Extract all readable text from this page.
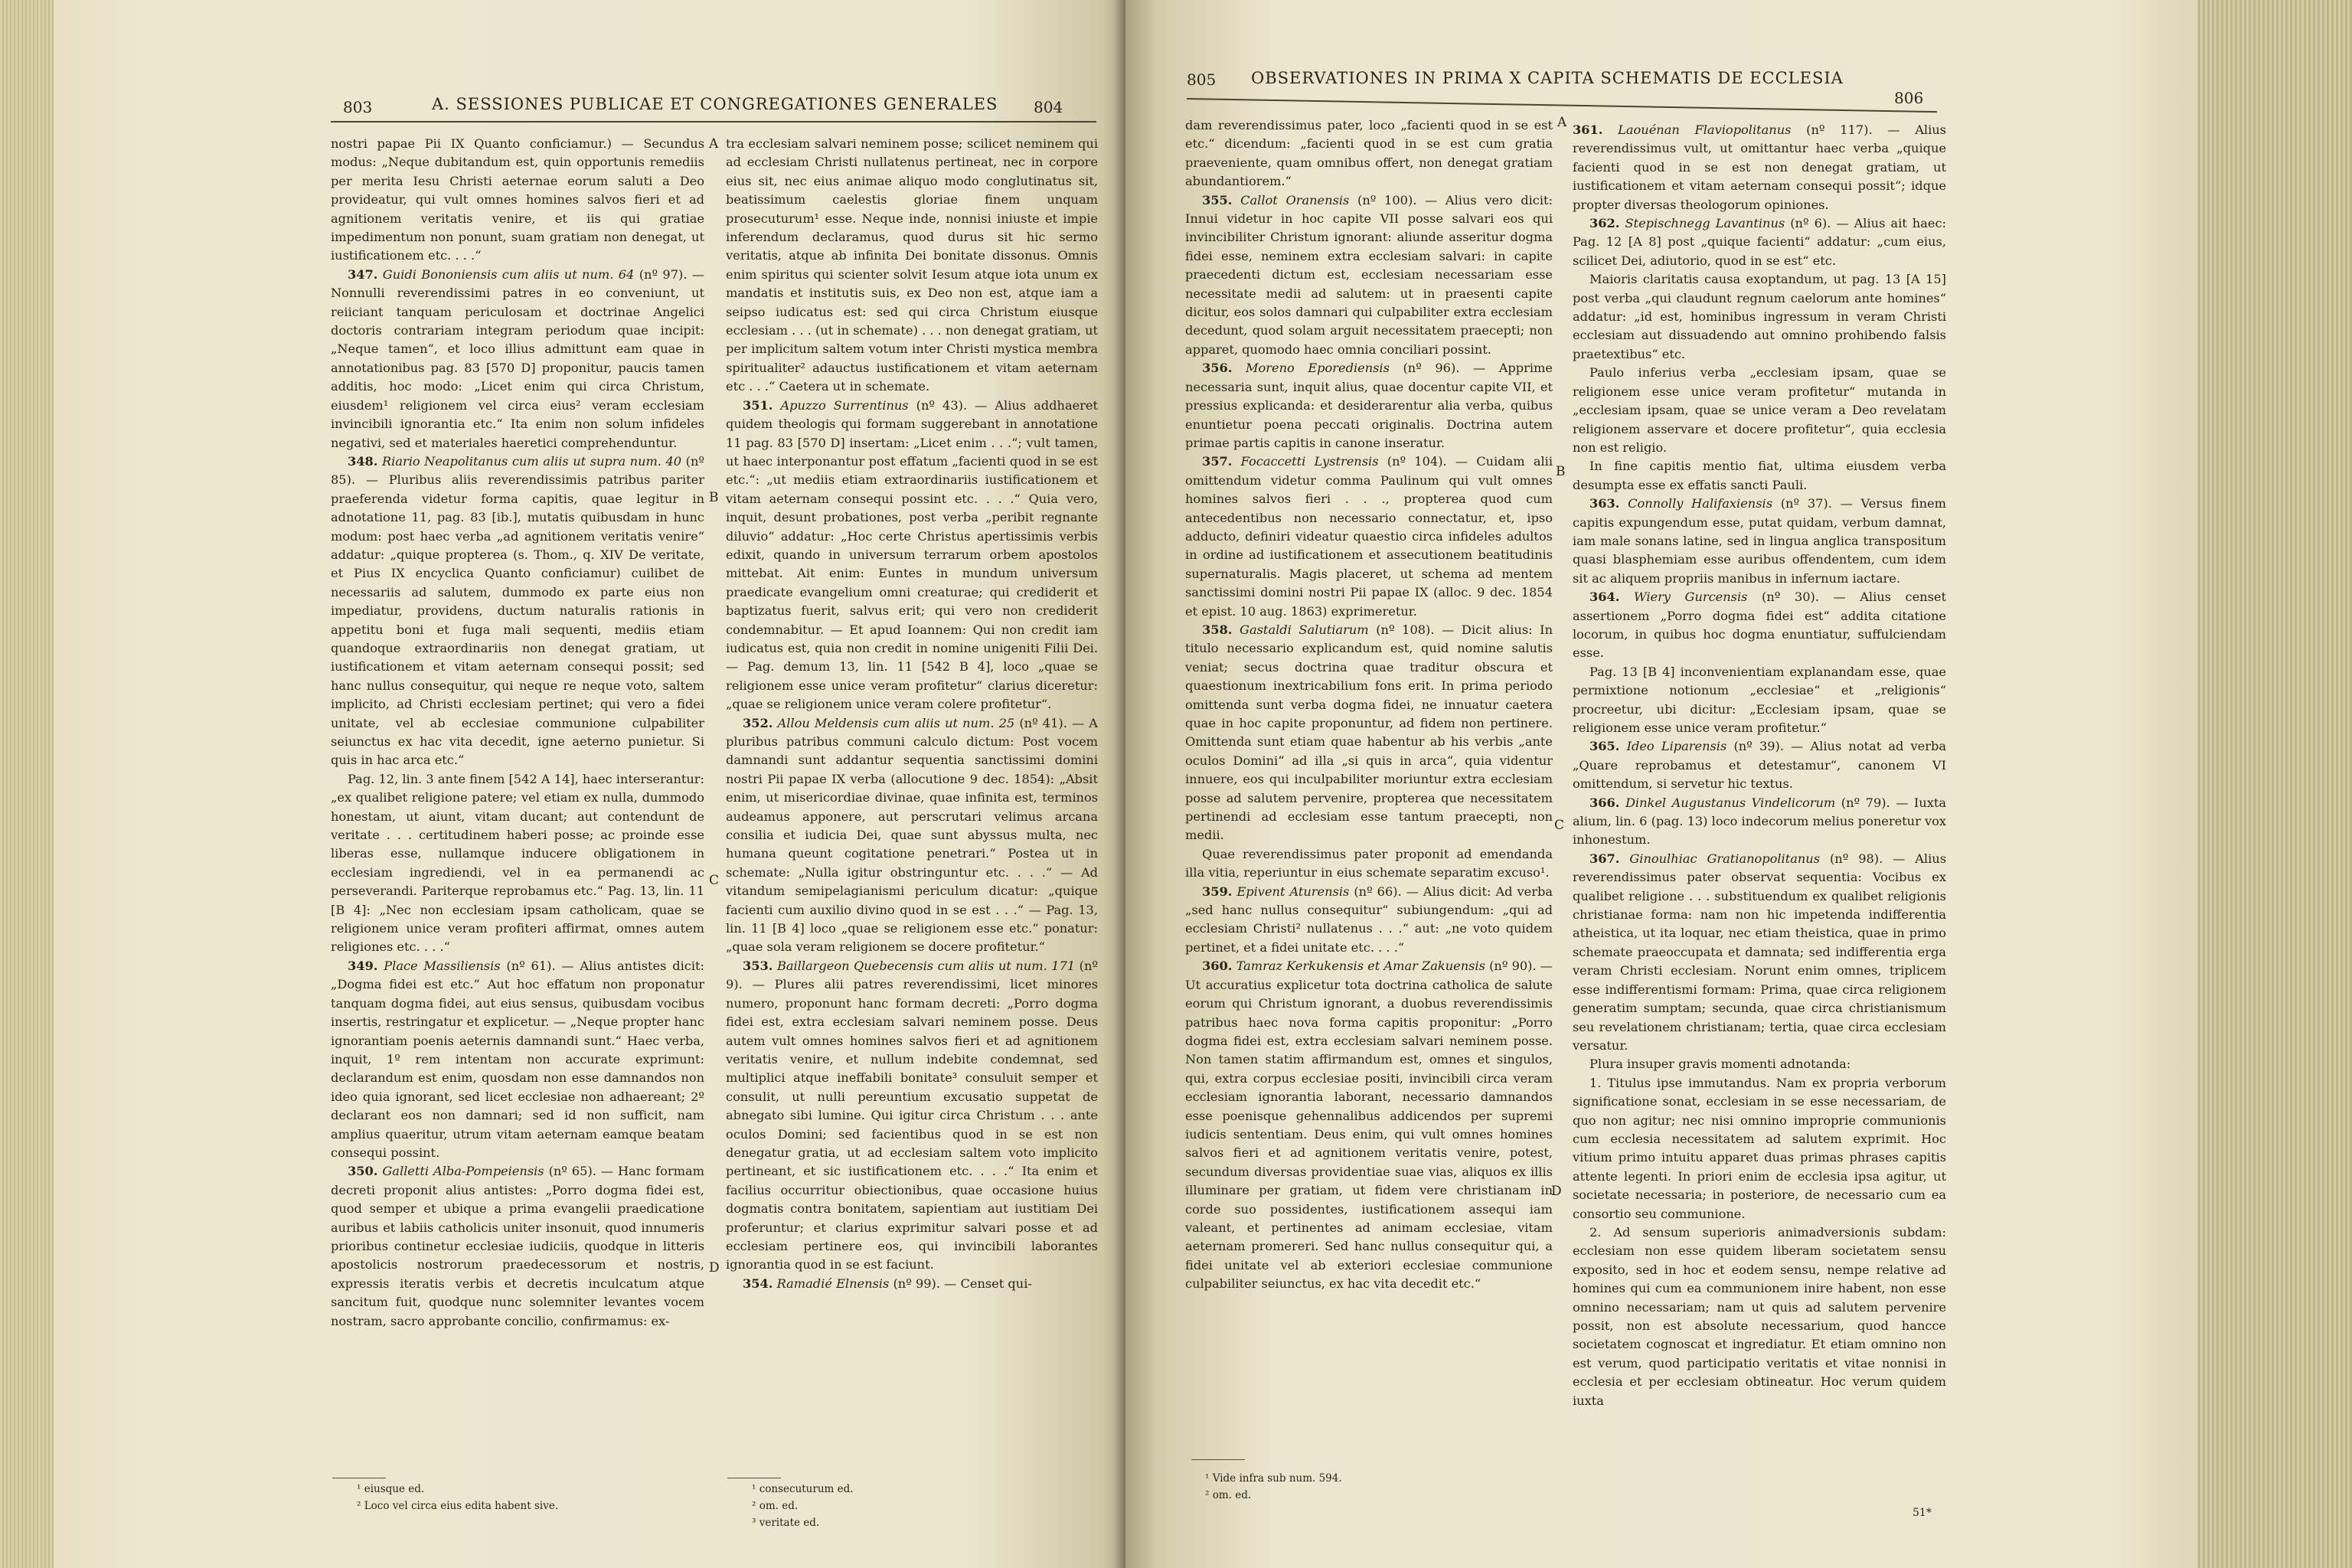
803	A. SESSIONES PUBLICAE ET CONGREGATIONES GENERALES 804

nostri papae Pii IX Quanto conficiamur.) — Secundus modus: „Neque dubitandum est, quin opportunis remediis per merita Iesu Christi aeternae eorum saluti a Deo provideatur, qui vult omnes homines salvos fieri et ad agnitionem veritatis venire, et iis qui gratiae impedimentum non ponunt, suam gratiam non denegat, ut iustificationem etc. . . .“

347. Guidi Bononiensis cum aliis ut num. 64 (nº 97). — Nonnulli reverendissimi patres in eo conveniunt, ut reiiciant tanquam periculosam et doctrinae Angelici doctoris contrariam integram periodum quae incipit: „Neque tamen“, et loco illius admittunt eam quae in annotationibus pag. 83 [570 D] proponitur, paucis tamen additis, hoc modo: „Licet enim qui circa Christum, eiusdem¹ religionem vel circa eius² veram ecclesiam invincibili ignorantia etc.“ Ita enim non solum infideles negativi, sed et materiales haeretici comprehenduntur.

348. Riario Neapolitanus cum aliis ut supra num. 40 (nº 85). — Pluribus aliis reverendissimis patribus pariter praeferenda videtur forma capitis, quae legitur in adnotatione 11, pag. 83 [ib.], mutatis quibusdam in hunc modum: post haec verba „ad agnitionem veritatis venire“ addatur: „quique propterea (s. Thom., q. XIV De veritate, et Pius IX encyclica Quanto conficiamur) cuilibet de necessariis ad salutem, dummodo ex parte eius non impediatur, providens, ductum naturalis rationis in appetitu boni et fuga mali sequenti, mediis etiam quandoque extraordinariis non denegat gratiam, ut iustificationem et vitam aeternam consequi possit; sed hanc nullus consequitur, qui neque re neque voto, saltem implicito, ad Christi ecclesiam pertinet; qui vero a fidei unitate, vel ab ecclesiae communione culpabiliter seiunctus ex hac vita decedit, igne aeterno punietur. Si quis in hac arca etc.“

Pag. 12, lin. 3 ante finem [542 A 14], haec interserantur: „ex qualibet religione patere; vel etiam ex nulla, dummodo honestam, ut aiunt, vitam ducant; aut contendunt de veritate . . . certitudinem haberi posse; ac proinde esse liberas esse, nullamque inducere obligationem in ecclesiam ingrediendi, vel in ea permanendi ac perseverandi. Pariterque reprobamus etc.“ Pag. 13, lin. 11 [B 4]: „Nec non ecclesiam ipsam catholicam, quae se religionem unice veram profiteri affirmat, omnes autem religiones etc. . . .“

349. Place Massiliensis (nº 61). — Alius antistes dicit: „Dogma fidei est etc.“ Aut hoc effatum non proponatur tanquam dogma fidei, aut eius sensus, quibusdam vocibus insertis, restringatur et explicetur. — „Neque propter hanc ignorantiam poenis aeternis damnandi sunt.“ Haec verba, inquit, 1º rem intentam non accurate exprimunt: declarandum est enim, quosdam non esse damnandos non ideo quia ignorant, sed licet ecclesiae non adhaereant; 2º declarant eos non damnari; sed id non sufficit, nam amplius quaeritur, utrum vitam aeternam eamque beatam consequi possint.

350. Galletti Alba-Pompeiensis (nº 65). — Hanc formam decreti proponit alius antistes: „Porro dogma fidei est, quod semper et ubique a prima evangelii praedicatione auribus et labiis catholicis uniter insonuit, quod innumeris prioribus continetur ecclesiae iudiciis, quodque in litteris apostolicis nostrorum praedecessorum et nostris, expressis iteratis verbis et decretis inculcatum atque sancitum fuit, quodque nunc solemniter levantes vocem nostram, sacro approbante concilio, confirmamus: ex-

A
B
C
D

tra ecclesiam salvari neminem posse; scilicet neminem qui ad ecclesiam Christi nullatenus pertineat, nec in corpore eius sit, nec eius animae aliquo modo conglutinatus sit, beatissimum caelestis gloriae finem unquam prosecuturum¹ esse. Neque inde, nonnisi iniuste et impie inferendum declaramus, quod durus sit hic sermo veritatis, atque ab infinita Dei bonitate dissonus. Omnis enim spiritus qui scienter solvit Iesum atque iota unum ex mandatis et institutis suis, ex Deo non est, atque iam a seipso iudicatus est: sed qui circa Christum eiusque ecclesiam . . . (ut in schemate) . . . non denegat gratiam, ut per implicitum saltem votum inter Christi mystica membra spiritualiter² adauctus iustificationem et vitam aeternam etc . . .“ Caetera ut in schemate.

351. Apuzzo Surrentinus (nº 43). — Alius addhaeret quidem theologis qui formam suggerebant in annotatione 11 pag. 83 [570 D] insertam: „Licet enim . . .“; vult tamen, ut haec interponantur post effatum „facienti quod in se est etc.“: „ut mediis etiam extraordinariis iustificationem et vitam aeternam consequi possint etc. . . .“ Quia vero, inquit, desunt probationes, post verba „peribit regnante diluvio“ addatur: „Hoc certe Christus apertissimis verbis edixit, quando in universum terrarum orbem apostolos mittebat. Ait enim: Euntes in mundum universum praedicate evangelium omni creaturae; qui crediderit et baptizatus fuerit, salvus erit; qui vero non crediderit condemnabitur. — Et apud Ioannem: Qui non credit iam iudicatus est, quia non credit in nomine unigeniti Filii Dei. — Pag. demum 13, lin. 11 [542 B 4], loco „quae se religionem esse unice veram profitetur“ clarius diceretur: „quae se religionem unice veram colere profitetur“.

352. Allou Meldensis cum aliis ut num. 25 (nº 41). — A pluribus patribus communi calculo dictum: Post vocem damnandi sunt addantur sequentia sanctissimi domini nostri Pii papae IX verba (allocutione 9 dec. 1854): „Absit enim, ut misericordiae divinae, quae infinita est, terminos audeamus apponere, aut perscrutari velimus arcana consilia et iudicia Dei, quae sunt abyssus multa, nec humana queunt cogitatione penetrari.“ Postea ut in schemate: „Nulla igitur obstringuntur etc. . . .“ — Ad vitandum semipelagianismi periculum dicatur: „quique facienti cum auxilio divino quod in se est . . .“ — Pag. 13, lin. 11 [B 4] loco „quae se religionem esse etc.“ ponatur: „quae sola veram religionem se docere profitetur.“

353. Baillargeon Quebecensis cum aliis ut num. 171 (nº 9). — Plures alii patres reverendissimi, licet minores numero, proponunt hanc formam decreti: „Porro dogma fidei est, extra ecclesiam salvari neminem posse. Deus autem vult omnes homines salvos fieri et ad agnitionem veritatis venire, et nullum indebite condemnat, sed multiplici atque ineffabili bonitate³ consuluit semper et consulit, ut nulli pereuntium excusatio suppetat de abnegato sibi lumine. Qui igitur circa Christum . . . ante oculos Domini; sed facientibus quod in se est non denegatur gratia, ut ad ecclesiam saltem voto implicito pertineant, et sic iustificationem etc. . . .“ Ita enim et facilius occurritur obiectionibus, quae occasione huius dogmatis contra bonitatem, sapientiam aut iustitiam Dei proferuntur; et clarius exprimitur salvari posse et ad ecclesiam pertinere eos, qui invincibili laborantes ignorantia quod in se est faciunt.

354. Ramadié Elnensis (nº 99). — Censet qui-

¹ eiusque ed.
² Loco vel circa eius edita habent sive.
¹ consecuturum ed.
² om. ed.
³ veritate ed.
805 OBSERVATIONES IN PRIMA X CAPITA SCHEMATIS DE ECCLESIA
806

dam reverendissimus pater, loco „facienti quod in se est etc.“ dicendum: „facienti quod in se est cum gratia praeveniente, quam omnibus offert, non denegat gratiam abundantiorem.“

355. Callot Oranensis (nº 100). — Alius vero dicit: Innui videtur in hoc capite VII posse salvari eos qui invincibiliter Christum ignorant: aliunde asseritur dogma fidei esse, neminem extra ecclesiam salvari: in capite praecedenti dictum est, ecclesiam necessariam esse necessitate medii ad salutem: ut in praesenti capite dicitur, eos solos damnari qui culpabiliter extra ecclesiam decedunt, quod solam arguit necessitatem praecepti; non apparet, quomodo haec omnia conciliari possint.

356. Moreno Eporediensis (nº 96). — Apprime necessaria sunt, inquit alius, quae docentur capite VII, et pressius explicanda: et desiderarentur alia verba, quibus enuntietur poena peccati originalis. Doctrina autem primae partis capitis in canone inseratur.

357. Focaccetti Lystrensis (nº 104). — Cuidam alii omittendum videtur comma Paulinum qui vult omnes homines salvos fieri . . ., propterea quod cum antecedentibus non necessario connectatur, et, ipso adducto, definiri videatur quaestio circa infideles adultos in ordine ad iustificationem et assecutionem beatitudinis supernaturalis. Magis placeret, ut schema ad mentem sanctissimi domini nostri Pii papae IX (alloc. 9 dec. 1854 et epist. 10 aug. 1863) exprimeretur.

358. Gastaldi Salutiarum (nº 108). — Dicit alius: In titulo necessario explicandum est, quid nomine salutis veniat; secus doctrina quae traditur obscura et quaestionum inextricabilium fons erit. In prima periodo omittenda sunt verba dogma fidei, ne innuatur caetera quae in hoc capite proponuntur, ad fidem non pertinere. Omittenda sunt etiam quae habentur ab his verbis „ante oculos Domini“ ad illa „si quis in arca“, quia videntur innuere, eos qui inculpabiliter moriuntur extra ecclesiam posse ad salutem pervenire, propterea que necessitatem pertinendi ad ecclesiam esse tantum praecepti, non medii.

Quae reverendissimus pater proponit ad emendanda illa vitia, reperiuntur in eius schemate separatim excuso¹.

359. Epivent Aturensis (nº 66). — Alius dicit: Ad verba „sed hanc nullus consequitur“ subiungendum: „qui ad ecclesiam Christi² nullatenus . . .“ aut: „ne voto quidem pertinet, et a fidei unitate etc. . . .“

360. Tamraz Kerkukensis et Amar Zakuensis (nº 90). — Ut accuratius explicetur tota doctrina catholica de salute eorum qui Christum ignorant, a duobus reverendissimis patribus haec nova forma capitis proponitur: „Porro dogma fidei est, extra ecclesiam salvari neminem posse. Non tamen statim affirmandum est, omnes et singulos, qui, extra corpus ecclesiae positi, invincibili circa veram ecclesiam ignorantia laborant, necessario damnandos esse poenisque gehennalibus addicendos per supremi iudicis sententiam. Deus enim, qui vult omnes homines salvos fieri et ad agnitionem veritatis venire, potest, secundum diversas providentiae suae vias, aliquos ex illis illuminare per gratiam, ut fidem vere christianam in corde suo possidentes, iustificationem assequi iam valeant, et pertinentes ad animam ecclesiae, vitam aeternam promereri. Sed hanc nullus consequitur qui, a fidei unitate vel ab exteriori ecclesiae communione culpabiliter seiunctus, ex hac vita decedit etc.“

A
B
C
D

361. Laouénan Flaviopolitanus (nº 117). — Alius reverendissimus vult, ut omittantur haec verba „quique facienti quod in se est non denegat gratiam, ut iustificationem et vitam aeternam consequi possit“; idque propter diversas theologorum opiniones.

362. Stepischnegg Lavantinus (nº 6). — Alius ait haec: Pag. 12 [A 8] post „quique facienti“ addatur: „cum eius, scilicet Dei, adiutorio, quod in se est“ etc.

Maioris claritatis causa exoptandum, ut pag. 13 [A 15] post verba „qui claudunt regnum caelorum ante homines“ addatur: „id est, hominibus ingressum in veram Christi ecclesiam aut dissuadendo aut omnino prohibendo falsis praetextibus“ etc.

Paulo inferius verba „ecclesiam ipsam, quae se religionem esse unice veram profitetur“ mutanda in „ecclesiam ipsam, quae se unice veram a Deo revelatam religionem asservare et docere profitetur“, quia ecclesia non est religio.

In fine capitis mentio fiat, ultima eiusdem verba desumpta esse ex effatis sancti Pauli.

363. Connolly Halifaxiensis (nº 37). — Versus finem capitis expungendum esse, putat quidam, verbum damnat, iam male sonans latine, sed in lingua anglica transpositum quasi blasphemiam esse auribus offendentem, cum idem sit ac aliquem propriis manibus in infernum iactare.

364. Wiery Gurcensis (nº 30). — Alius censet assertionem „Porro dogma fidei est“ addita citatione locorum, in quibus hoc dogma enuntiatur, suffulciendam esse.

Pag. 13 [B 4] inconvenientiam explanandam esse, quae permixtione notionum „ecclesiae“ et „religionis“ procreetur, ubi dicitur: „Ecclesiam ipsam, quae se religionem esse unice veram profitetur.“

365. Ideo Liparensis (nº 39). — Alius notat ad verba „Quare reprobamus et detestamur“, canonem VI omittendum, si servetur hic textus.

366. Dinkel Augustanus Vindelicorum (nº 79). — Iuxta alium, lin. 6 (pag. 13) loco indecorum melius poneretur vox inhonestum.

367. Ginoulhiac Gratianopolitanus (nº 98). — Alius reverendissimus pater observat sequentia: Vocibus ex qualibet religione . . . substituendum ex qualibet religionis christianae forma: nam non hic impetenda indifferentia atheistica, ut ita loquar, nec etiam theistica, quae in primo schemate praeoccupata et damnata; sed indifferentia erga veram Christi ecclesiam. Norunt enim omnes, triplicem esse indifferentismi formam: Prima, quae circa religionem generatim sumptam; secunda, quae circa christianismum seu revelationem christianam; tertia, quae circa ecclesiam versatur.

Plura insuper gravis momenti adnotanda:

1. Titulus ipse immutandus. Nam ex propria verborum significatione sonat, ecclesiam in se esse necessariam, de quo non agitur; nec nisi omnino improprie communionis cum ecclesia necessitatem ad salutem exprimit. Hoc vitium primo intuitu apparet duas primas phrases capitis attente legenti. In priori enim de ecclesia ipsa agitur, ut societate necessaria; in posteriore, de necessario cum ea consortio seu communione.

2. Ad sensum superioris animadversionis subdam: ecclesiam non esse quidem liberam societatem sensu exposito, sed in hoc et eodem sensu, nempe relative ad homines qui cum ea communionem inire habent, non esse omnino necessariam; nam ut quis ad salutem pervenire possit, non est absolute necessarium, quod hancce societatem cognoscat et ingrediatur. Et etiam omnino non est verum, quod participatio veritatis et vitae nonnisi in ecclesia et per ecclesiam obtineatur. Hoc verum quidem iuxta

¹ Vide infra sub num. 594.
² om. ed.
51*
